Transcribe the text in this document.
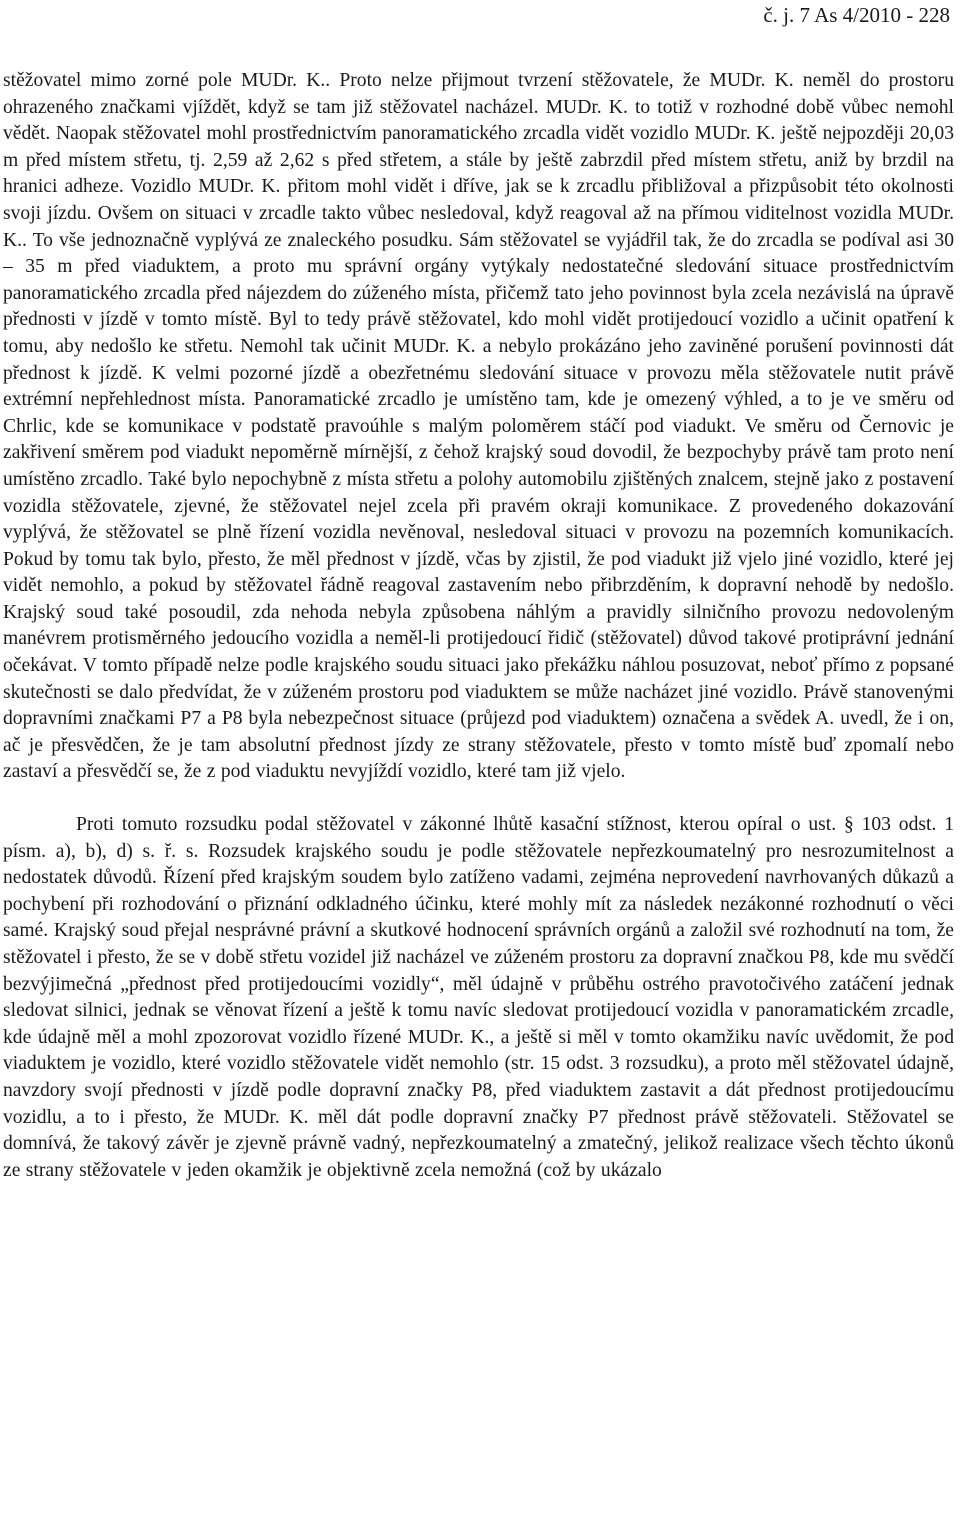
č. j. 7 As 4/2010 - 228

stěžovatel mimo zorné pole MUDr. K.. Proto nelze přijmout tvrzení stěžovatele, že MUDr. K. neměl do prostoru ohrazeného značkami vjíždět, když se tam již stěžovatel nacházel. MUDr. K. to totiž v rozhodné době vůbec nemohl vědět. Naopak stěžovatel mohl prostřednictvím panoramatického zrcadla vidět vozidlo MUDr. K. ještě nejpozději 20,03 m před místem střetu, tj. 2,59 až 2,62 s před střetem, a stále by ještě zabrzdil před místem střetu, aniž by brzdil na hranici adheze. Vozidlo MUDr. K. přitom mohl vidět i dříve, jak se k zrcadlu přibližoval a přizpůsobit této okolnosti svoji jízdu. Ovšem on situaci v zrcadle takto vůbec nesledoval, když reagoval až na přímou viditelnost vozidla MUDr. K.. To vše jednoznačně vyplývá ze znaleckého posudku. Sám stěžovatel se vyjádřil tak, že do zrcadla se podíval asi 30 – 35 m před viaduktem, a proto mu správní orgány vytýkaly nedostatečné sledování situace prostřednictvím panoramatického zrcadla před nájezdem do zúženého místa, přičemž tato jeho povinnost byla zcela nezávislá na úpravě přednosti v jízdě v tomto místě. Byl to tedy právě stěžovatel, kdo mohl vidět protijedoucí vozidlo a učinit opatření k tomu, aby nedošlo ke střetu. Nemohl tak učinit MUDr. K. a nebylo prokázáno jeho zaviněné porušení povinnosti dát přednost k jízdě. K velmi pozorné jízdě a obezřetnému sledování situace v provozu měla stěžovatele nutit právě extrémní nepřehlednost místa. Panoramatické zrcadlo je umístěno tam, kde je omezený výhled, a to je ve směru od Chrlic, kde se komunikace v podstatě pravoúhle s malým poloměrem stáčí pod viadukt. Ve směru od Černovic je zakřivení směrem pod viadukt nepoměrně mírnější, z čehož krajský soud dovodil, že bezpochyby právě tam proto není umístěno zrcadlo. Také bylo nepochybně z místa střetu a polohy automobilu zjištěných znalcem, stejně jako z postavení vozidla stěžovatele, zjevné, že stěžovatel nejel zcela při pravém okraji komunikace. Z provedeného dokazování vyplývá, že stěžovatel se plně řízení vozidla nevěnoval, nesledoval situaci v provozu na pozemních komunikacích. Pokud by tomu tak bylo, přesto, že měl přednost v jízdě, včas by zjistil, že pod viadukt již vjelo jiné vozidlo, které jej vidět nemohlo, a pokud by stěžovatel řádně reagoval zastavením nebo přibrzděním, k dopravní nehodě by nedošlo. Krajský soud také posoudil, zda nehoda nebyla způsobena náhlým a pravidly silničního provozu nedovoleným manévrem protisměrného jedoucího vozidla a neměl-li protijedoucí řidič (stěžovatel) důvod takové protiprávní jednání očekávat. V tomto případě nelze podle krajského soudu situaci jako překážku náhlou posuzovat, neboť přímo z popsané skutečnosti se dalo předvídat, že v zúženém prostoru pod viaduktem se může nacházet jiné vozidlo. Právě stanovenými dopravními značkami P7 a P8 byla nebezpečnost situace (průjezd pod viaduktem) označena a svědek A. uvedl, že i on, ač je přesvědčen, že je tam absolutní přednost jízdy ze strany stěžovatele, přesto v tomto místě buď zpomalí nebo zastaví a přesvědčí se, že z pod viaduktu nevyjíždí vozidlo, které tam již vjelo.

Proti tomuto rozsudku podal stěžovatel v zákonné lhůtě kasační stížnost, kterou opíral o ust. § 103 odst. 1 písm. a), b), d) s. ř. s. Rozsudek krajského soudu je podle stěžovatele nepřezkoumatelný pro nesrozumitelnost a nedostatek důvodů. Řízení před krajským soudem bylo zatíženo vadami, zejména neprovedení navrhovaných důkazů a pochybení při rozhodování o přiznání odkladného účinku, které mohly mít za následek nezákonné rozhodnutí o věci samé. Krajský soud přejal nesprávné právní a skutkové hodnocení správních orgánů a založil své rozhodnutí na tom, že stěžovatel i přesto, že se v době střetu vozidel již nacházel ve zúženém prostoru za dopravní značkou P8, kde mu svědčí bezvýjimečná „přednost před protijedoucími vozidly“, měl údajně v průběhu ostrého pravotočivého zatáčení jednak sledovat silnici, jednak se věnovat řízení a ještě k tomu navíc sledovat protijedoucí vozidla v panoramatickém zrcadle, kde údajně měl a mohl zpozorovat vozidlo řízené MUDr. K., a ještě si měl v tomto okamžiku navíc uvědomit, že pod viaduktem je vozidlo, které vozidlo stěžovatele vidět nemohlo (str. 15 odst. 3 rozsudku), a proto měl stěžovatel údajně, navzdory svojí přednosti v jízdě podle dopravní značky P8, před viaduktem zastavit a dát přednost protijedoucímu vozidlu, a to i přesto, že MUDr. K. měl dát podle dopravní značky P7 přednost právě stěžovateli. Stěžovatel se domnívá, že takový závěr je zjevně právně vadný, nepřezkoumatelný a zmatečný, jelikož realizace všech těchto úkonů ze strany stěžovatele v jeden okamžik je objektivně zcela nemožná (což by ukázalo
